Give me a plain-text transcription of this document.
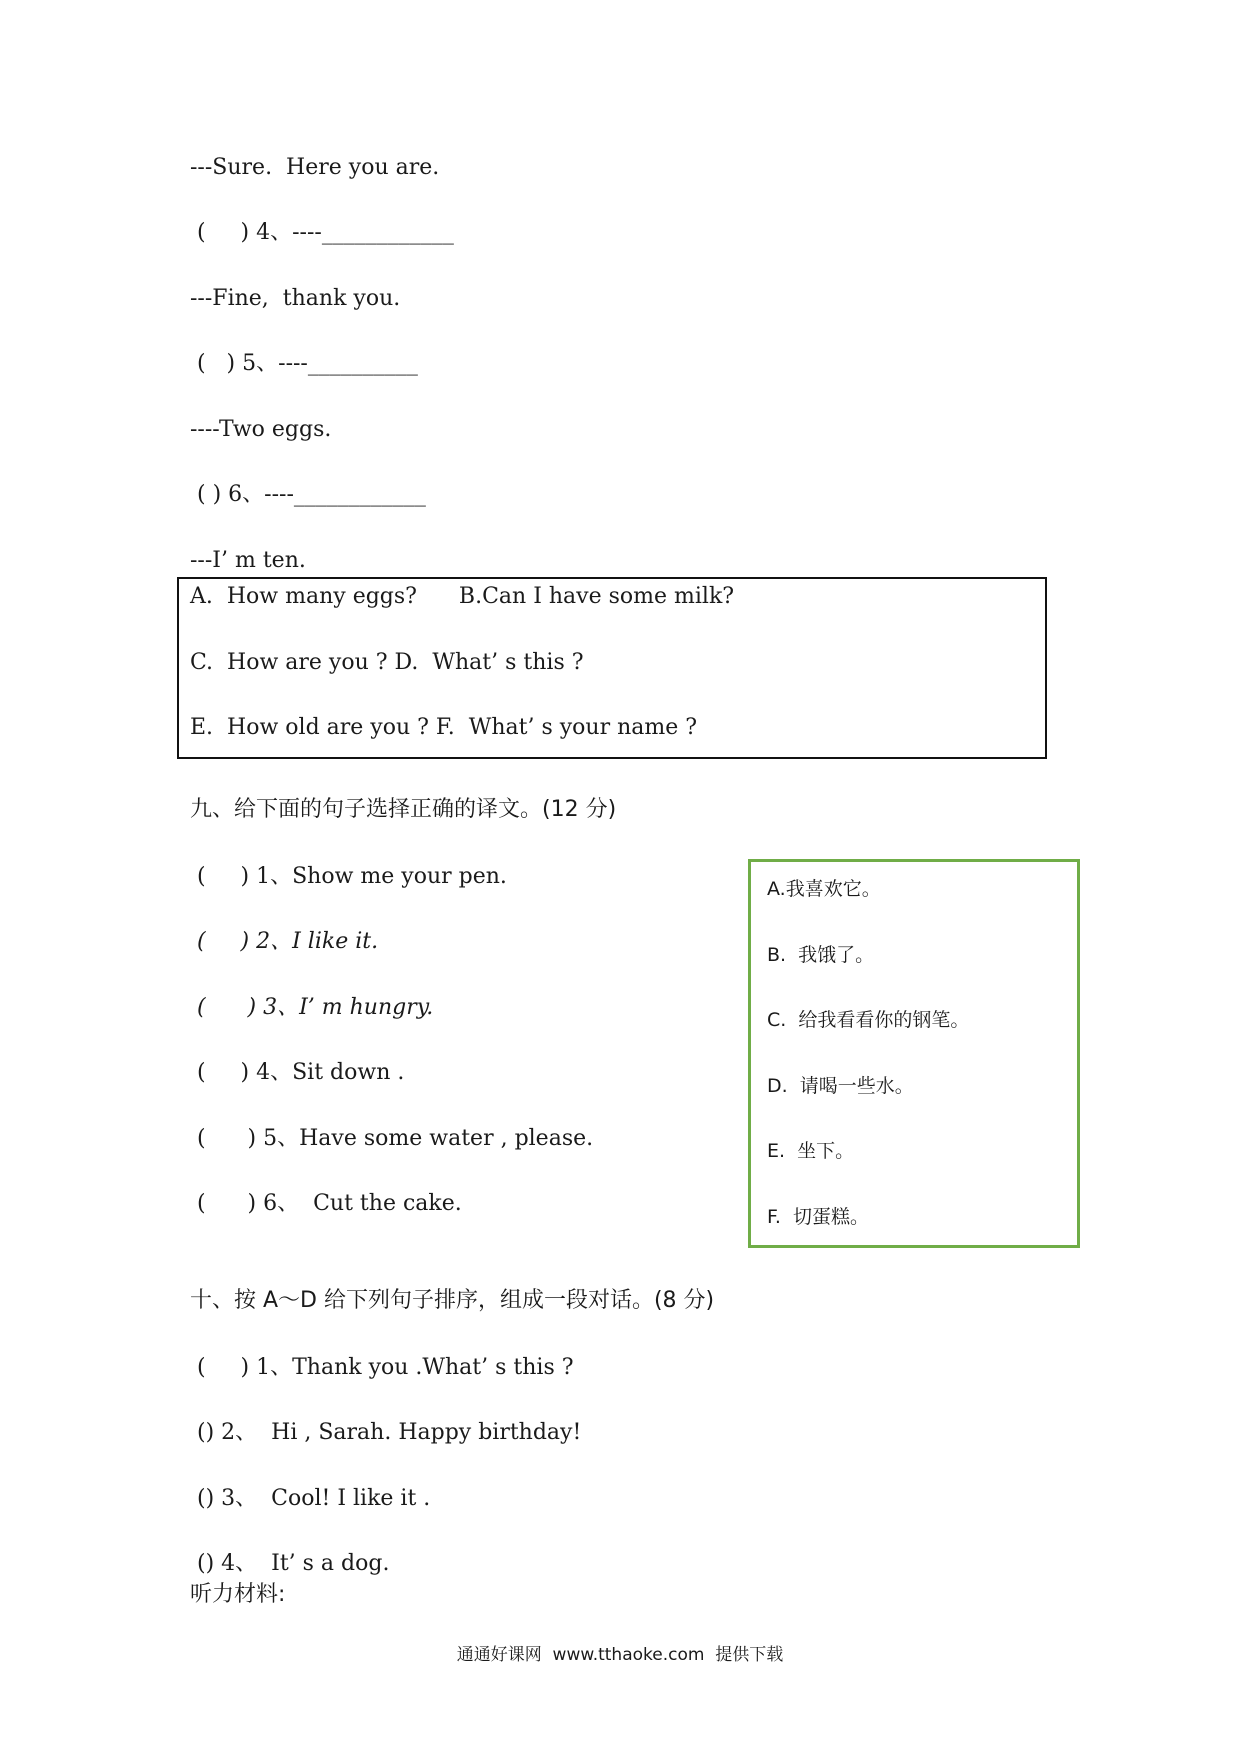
---Sure.  Here you are.
(     ) 4、----____________
---Fine,  thank you.
(   ) 5、----__________
----Two eggs.
( ) 6、----____________
---I’ m ten.
A.  How many eggs?      B.Can I have some milk?
C.  How are you ? D.  What’ s this ?
E.  How old are you ? F.  What’ s your name ?
九、给下面的句子选择正确的译文。(12 分)
(     ) 1、Show me your pen.
(     ) 2、I like it.
(      ) 3、I’ m hungry.
(     ) 4、Sit down .
(      ) 5、Have some water , please.
(      ) 6、  Cut the cake.
A.我喜欢它。
B.  我饿了。
C.  给我看看你的钢笔。
D.  请喝一些水。
E.  坐下。
F.  切蛋糕。
十、按 A～D 给下列句子排序，组成一段对话。(8 分)
(     ) 1、Thank you .What’ s this ?
() 2、  Hi , Sarah. Happy birthday!
() 3、  Cool! I like it .
() 4、  It’ s a dog.
听力材料:
通通好课网  www.tthaoke.com  提供下载
